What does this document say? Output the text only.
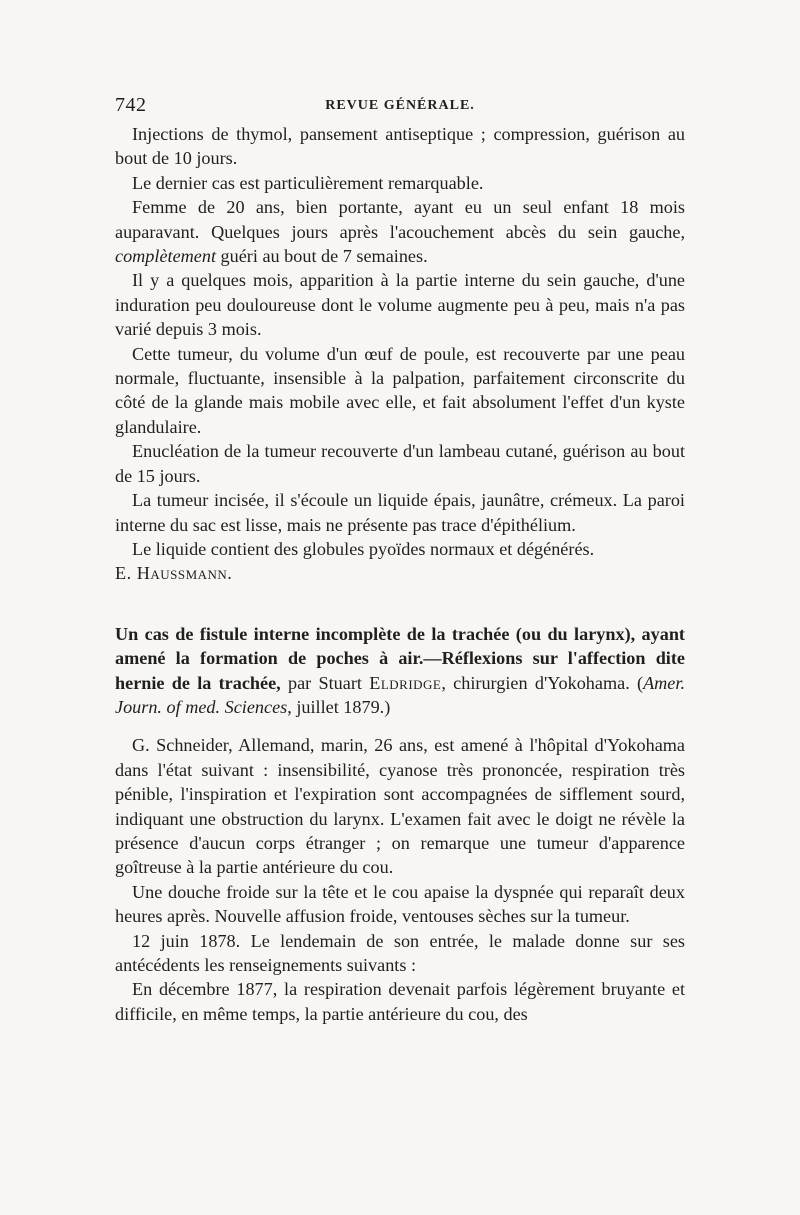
742	REVUE GÉNÉRALE.

Injections de thymol, pansement antiseptique ; compression, guérison au bout de 10 jours.

Le dernier cas est particulièrement remarquable.

Femme de 20 ans, bien portante, ayant eu un seul enfant 18 mois auparavant. Quelques jours après l'acouchement abcès du sein gauche, complètement guéri au bout de 7 semaines.

Il y a quelques mois, apparition à la partie interne du sein gauche, d'une induration peu douloureuse dont le volume augmente peu à peu, mais n'a pas varié depuis 3 mois.

Cette tumeur, du volume d'un œuf de poule, est recouverte par une peau normale, fluctuante, insensible à la palpation, parfaitement circonscrite du côté de la glande mais mobile avec elle, et fait absolument l'effet d'un kyste glandulaire.

Enucléation de la tumeur recouverte d'un lambeau cutané, guérison au bout de 15 jours.

La tumeur incisée, il s'écoule un liquide épais, jaunâtre, crémeux. La paroi interne du sac est lisse, mais ne présente pas trace d'épithélium.

Le liquide contient des globules pyoïdes normaux et dégénérés.

E. Haussmann.

Un cas de fistule interne incomplète de la trachée (ou du larynx), ayant amené la formation de poches à air.—Réflexions sur l'affection dite hernie de la trachée, par Stuart Eldridge, chirurgien d'Yokohama. (Amer. Journ. of med. Sciences, juillet 1879.)

G. Schneider, Allemand, marin, 26 ans, est amené à l'hôpital d'Yokohama dans l'état suivant : insensibilité, cyanose très prononcée, respiration très pénible, l'inspiration et l'expiration sont accompagnées de sifflement sourd, indiquant une obstruction du larynx. L'examen fait avec le doigt ne révèle la présence d'aucun corps étranger ; on remarque une tumeur d'apparence goîtreuse à la partie antérieure du cou.

Une douche froide sur la tête et le cou apaise la dyspnée qui reparaît deux heures après. Nouvelle affusion froide, ventouses sèches sur la tumeur.

12 juin 1878. Le lendemain de son entrée, le malade donne sur ses antécédents les renseignements suivants :

En décembre 1877, la respiration devenait parfois légèrement bruyante et difficile, en même temps, la partie antérieure du cou, des
